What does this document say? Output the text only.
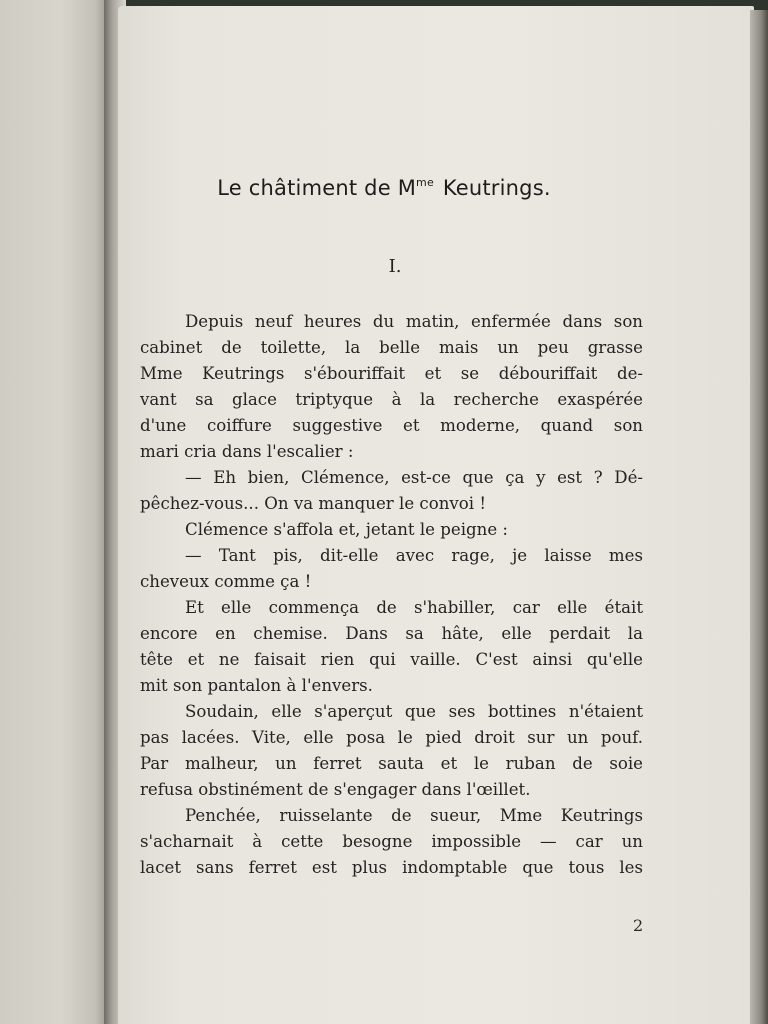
Le châtiment de $M^{me}$ Keutrings.
I.
Depuis neuf heures du matin, enfermée dans son
cabinet de toilette, la belle mais un peu grasse
Mme Keutrings s'ébouriffait et se débouriffait de-
vant sa glace triptyque à la recherche exaspérée
d'une coiffure suggestive et moderne, quand son
mari cria dans l'escalier :
— Eh bien, Clémence, est-ce que ça y est ? Dé-
pêchez-vous... On va manquer le convoi !
Clémence s'affola et, jetant le peigne :
— Tant pis, dit-elle avec rage, je laisse mes
cheveux comme ça !
Et elle commença de s'habiller, car elle était
encore en chemise. Dans sa hâte, elle perdait la
tête et ne faisait rien qui vaille. C'est ainsi qu'elle
mit son pantalon à l'envers.
Soudain, elle s'aperçut que ses bottines n'étaient
pas lacées. Vite, elle posa le pied droit sur un pouf.
Par malheur, un ferret sauta et le ruban de soie
refusa obstinément de s'engager dans l'œillet.
Penchée, ruisselante de sueur, Mme Keutrings
s'acharnait à cette besogne impossible — car un
lacet sans ferret est plus indomptable que tous les
2
